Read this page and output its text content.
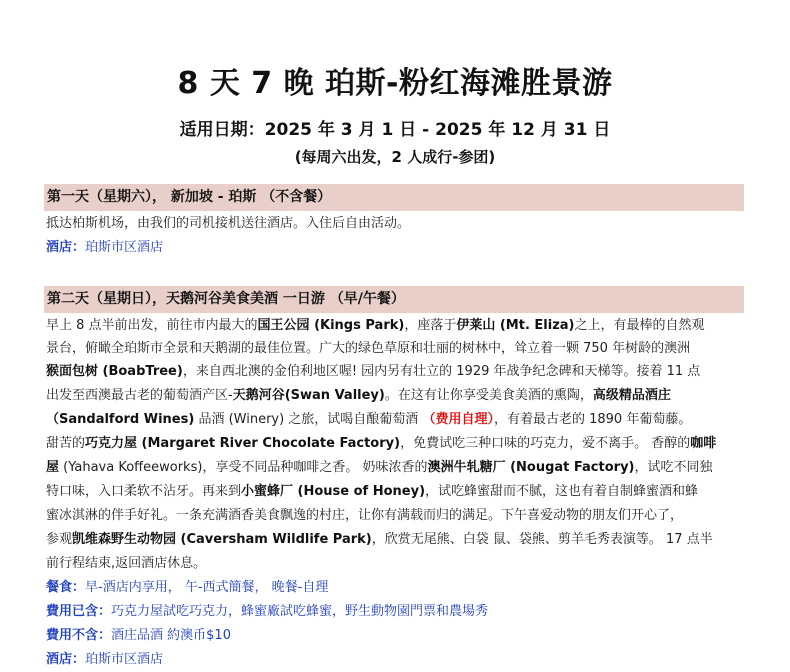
8 天 7 晚 珀斯-粉红海滩胜景游
适用日期：2025 年 3 月 1 日 - 2025 年 12 月 31 日
(每周六出发，2 人成行-参团)
第一天（星期六）， 新加坡 - 珀斯 （不含餐）
抵达柏斯机场，由我们的司机接机送往酒店。入住后自由活动。
酒店：珀斯市区酒店
第二天（星期日），天鹅河谷美食美酒 一日游 （早/午餐）
早上 8 点半前出发，前往市内最大的国王公园 (Kings Park)，座落于伊莱山 (Mt. Eliza)之上，有最棒的自然观
景台，俯瞰全珀斯市全景和天鹅湖的最佳位置。广大的绿色草原和壮丽的树林中，耸立着一颗 750 年树龄的澳洲
猴面包树 (BoabTree)，来自西北澳的金伯利地区喔! 园内另有壮立的 1929 年战争纪念碑和天梯等。接着 11 点
出发至西澳最古老的葡萄酒产区-天鹅河谷(Swan Valley)。在这有让你享受美食美酒的熏陶，高级精品酒庄
（Sandalford Wines) 品酒 (Winery) 之旅，试喝自酿葡萄酒 （费用自理），有着最古老的 1890 年葡萄藤。
甜苦的巧克力屋 (Margaret River Chocolate Factory)，免費试吃三种口味的巧克力，爱不离手。 香醇的咖啡
屋 (Yahava Koffeeworks)，享受不同品种咖啡之香。 奶味浓香的澳洲牛轧糖厂 (Nougat Factory)，试吃不同独
特口味，入口柔软不沾牙。再来到小蜜蜂厂 (House of Honey)，试吃蜂蜜甜而不腻，这也有着自制蜂蜜酒和蜂
蜜冰淇淋的伴手好礼。一条充满酒香美食飘逸的村庄，让你有满载而归的满足。下午喜爱动物的朋友们开心了，
参观凯维森野生动物园 (Caversham Wildlife Park)，欣赏无尾熊、白袋 鼠、袋熊、剪羊毛秀表演等。 17 点半
前行程结束,返回酒店休息。
餐食：早-酒店内享用， 午-西式簡餐， 晚餐-自理
費用已含：巧克力屋試吃巧克力，蜂蜜廠試吃蜂蜜，野生動物園門票和農場秀
費用不含：酒庄品酒 約澳币$10
酒店：珀斯市区酒店
